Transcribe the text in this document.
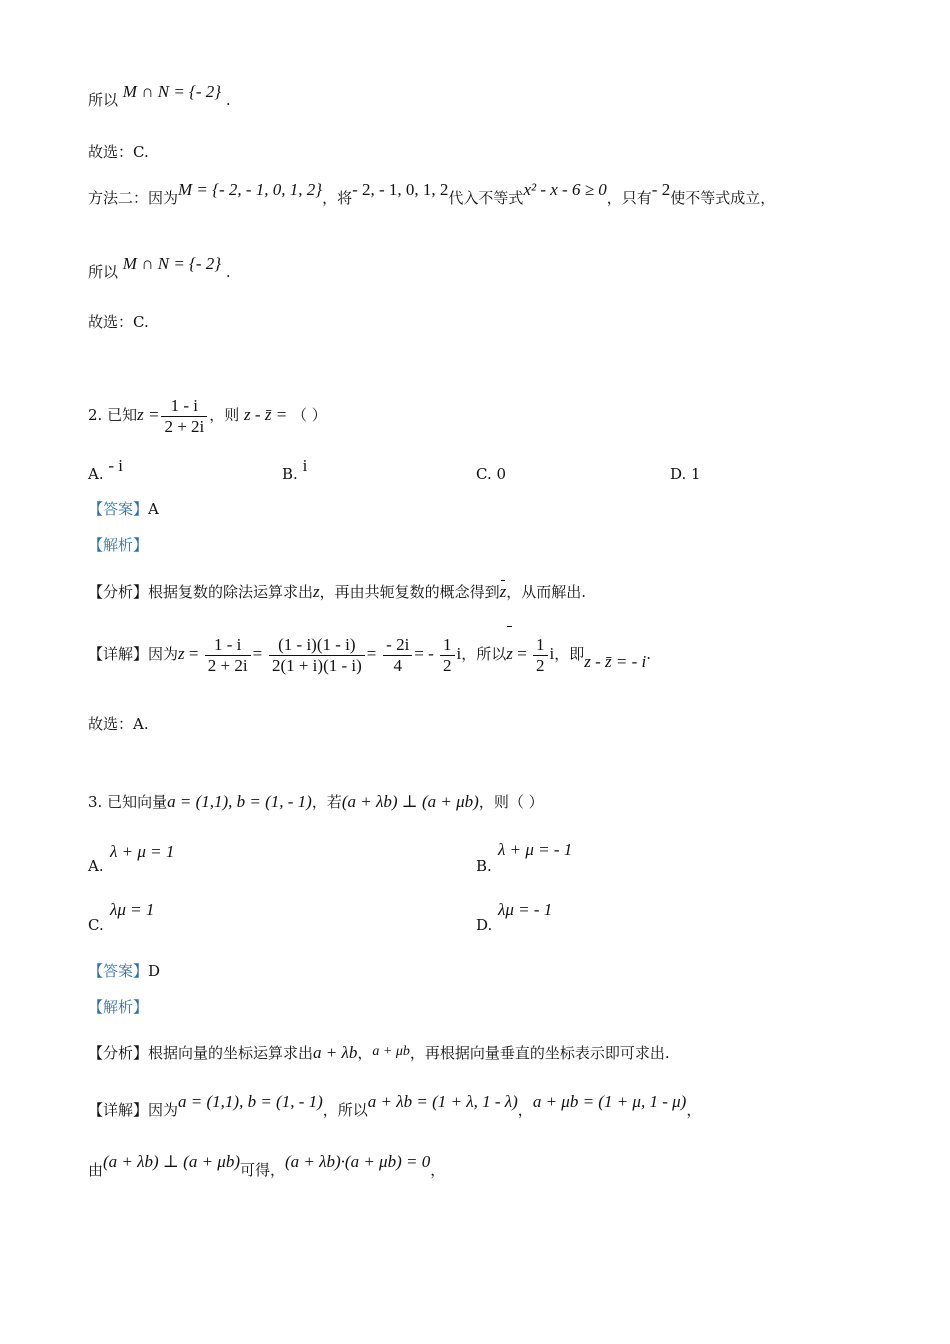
所以 M ∩ N = {- 2} .
故选：C.
方法二：因为M = {- 2, - 1, 0, 1, 2}，将- 2, - 1, 0, 1, 2代入不等式x² - x - 6 ≥ 0，只有- 2使不等式成立，
所以 M ∩ N = {- 2} .
故选：C.
2. 已知$z = \frac{1 - i}{2 + 2i}$ ，则 z - z̄ = （ ）
A. - i	B. i	C. 0	D. 1
【答案】A
【解析】
【分析】根据复数的除法运算求出z，再由共轭复数的概念得到z，从而解出.
【详解】因为$z = \frac{1 - i}{2 + 2i} = \frac{(1 - i)(1 - i)}{2(1 + i)(1 - i)} = \frac{- 2i}{4}$ = - $\frac{1}{2}$ i，所以$z = \frac{1}{2}$ i，即z - z̄ = - i.
故选：A.
3. 已知向量a = (1,1), b = (1, - 1)，若(a + λb) ⊥ (a + μb)，则（ ）
A.
λ + μ = 1
B.
λ + μ = - 1
C.
λμ = 1
D.
λμ = - 1
【答案】D
【解析】
【分析】根据向量的坐标运算求出a + λb，a + μb，再根据向量垂直的坐标表示即可求出.
【详解】因为a = (1,1), b = (1, - 1)，所以a + λb = (1 + λ, 1 - λ)，a + μb = (1 + μ, 1 - μ)，
由(a + λb) ⊥ (a + μb)可得，(a + λb)·(a + μb) = 0，
